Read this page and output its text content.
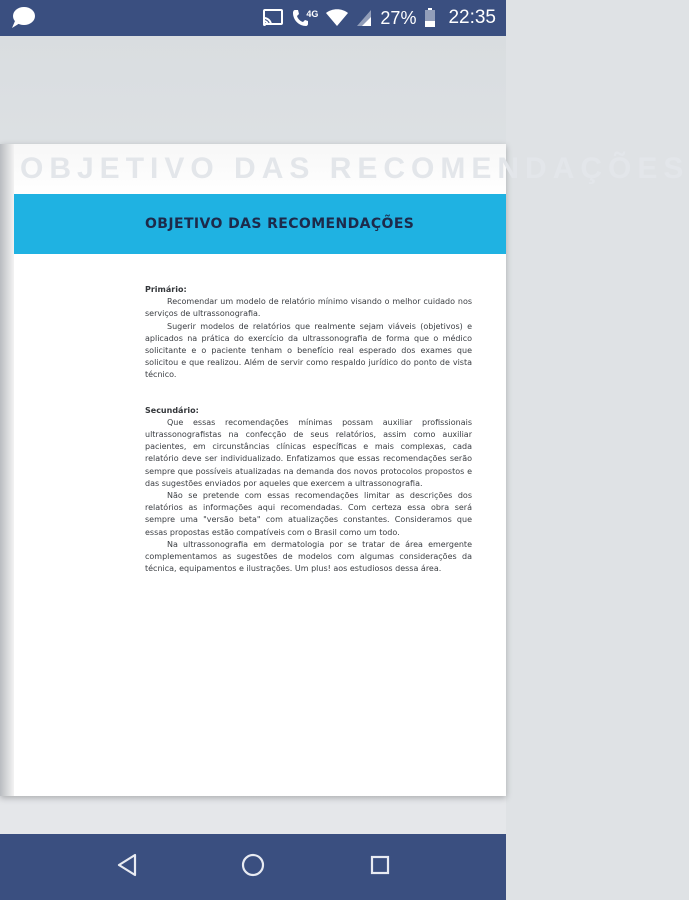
4G	27% 22:35
OBJETIVO DAS RECOMENDAÇÕES
OBJETIVO DAS RECOMENDAÇÕES

Primário:

Recomendar um modelo de relatório mínimo visando o melhor cuidado nos serviços de ultrassonografia.

Sugerir modelos de relatórios que realmente sejam viáveis (objetivos) e aplicados na prática do exercício da ultrassonografia de forma que o médico solicitante e o paciente tenham o benefício real esperado dos exames que solicitou e que realizou. Além de servir como respaldo jurídico do ponto de vista técnico.

Secundário:

Que essas recomendações mínimas possam auxiliar profissionais ultrassonografistas na confecção de seus relatórios, assim como auxiliar pacientes, em circunstâncias clínicas específicas e mais complexas, cada relatório deve ser individualizado. Enfatizamos que essas recomendações serão sempre que possíveis atualizadas na demanda dos novos protocolos propostos e das sugestões enviados por aqueles que exercem a ultrassonografia.

Não se pretende com essas recomendações limitar as descrições dos relatórios as informações aqui recomendadas. Com certeza essa obra será sempre uma "versão beta" com atualizações constantes. Consideramos que essas propostas estão compatíveis com o Brasil como um todo.

Na ultrassonografia em dermatologia por se tratar de área emergente complementamos as sugestões de modelos com algumas considerações da técnica, equipamentos e ilustrações. Um plus! aos estudiosos dessa área.
